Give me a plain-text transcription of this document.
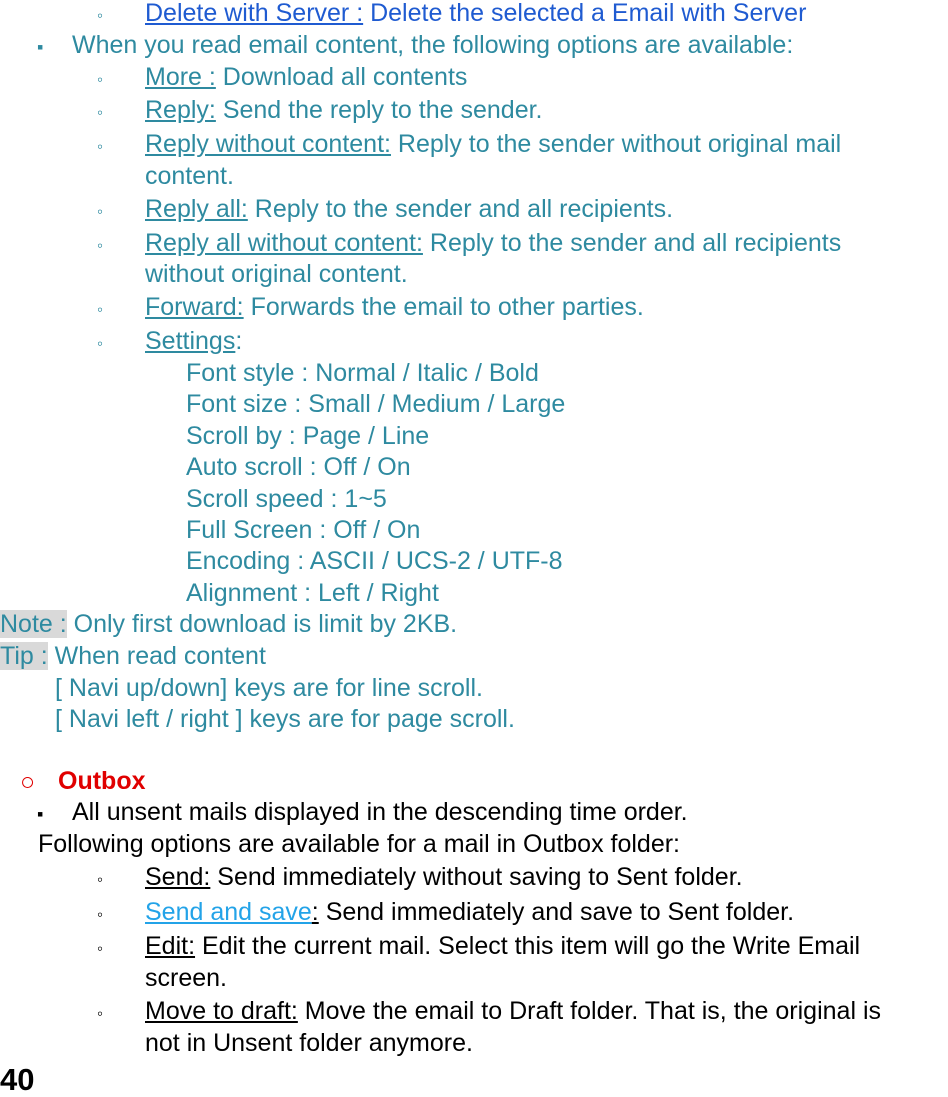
◦ Delete with Server : Delete the selected a Email with Server
▪ When you read email content, the following options are available:
◦ More : Download all contents
◦ Reply: Send the reply to the sender.
◦ Reply without content: Reply to the sender without original mail
content.
◦ Reply all: Reply to the sender and all recipients.
◦ Reply all without content: Reply to the sender and all recipients
without original content.
◦ Forward: Forwards the email to other parties.
◦ Settings:
Font style : Normal / Italic / Bold
Font size : Small / Medium / Large
Scroll by : Page / Line
Auto scroll : Off / On
Scroll speed : 1~5
Full Screen : Off / On
Encoding : ASCII / UCS-2 / UTF-8
Alignment : Left / Right
Note : Only first download is limit by 2KB.
Tip : When read content
[ Navi up/down] keys are for line scroll.
[ Navi left / right ] keys are for page scroll.
○ Outbox
▪ All unsent mails displayed in the descending time order.
Following options are available for a mail in Outbox folder:
◦ Send: Send immediately without saving to Sent folder.
◦ Send and save: Send immediately and save to Sent folder.
◦ Edit: Edit the current mail. Select this item will go the Write Email
screen.
◦ Move to draft: Move the email to Draft folder. That is, the original is
not in Unsent folder anymore.
40
